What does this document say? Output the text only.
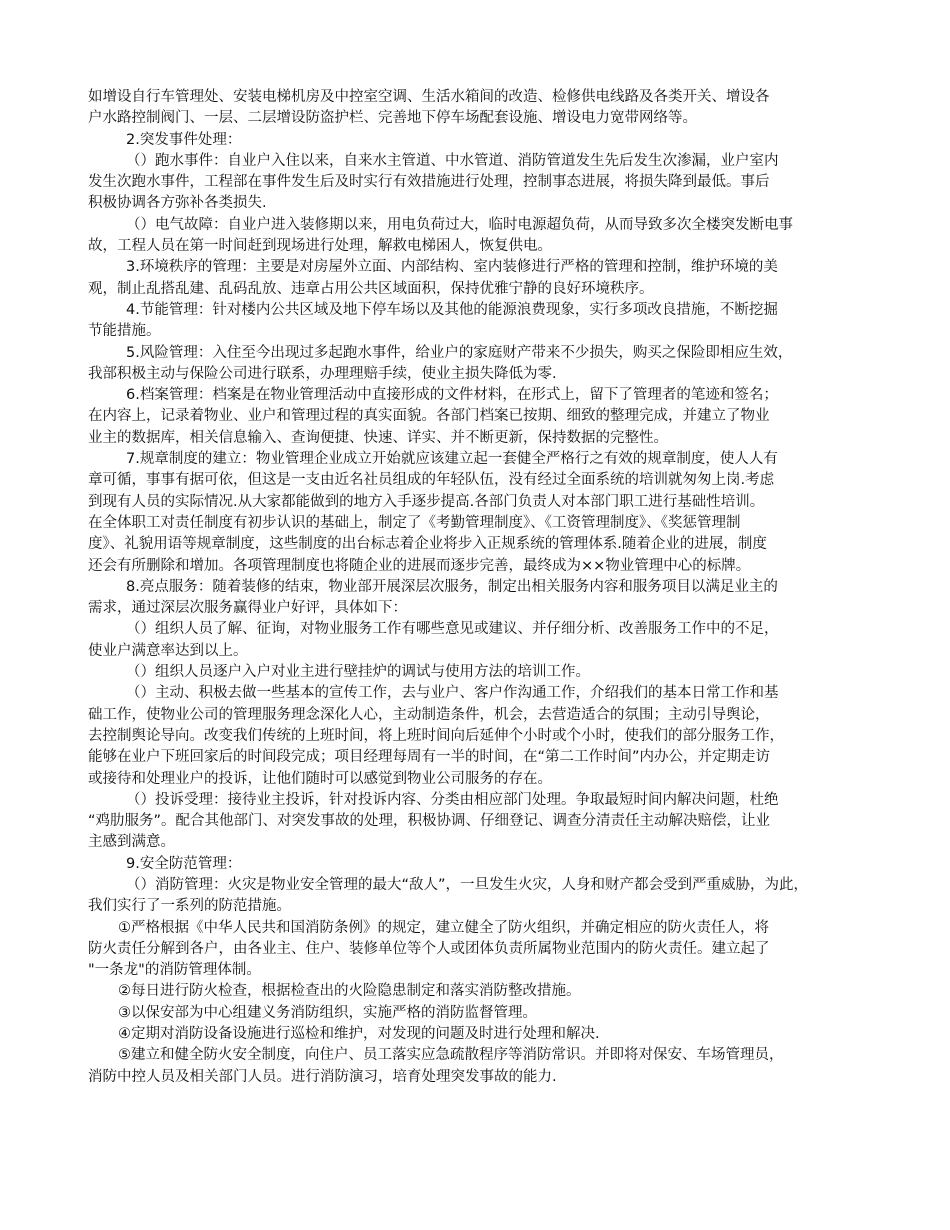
如增设自行车管理处、安装电梯机房及中控室空调、生活水箱间的改造、检修供电线路及各类开关、增设各
户水路控制阀门、一层、二层增设防盗护栏、完善地下停车场配套设施、增设电力宽带网络等。
2.突发事件处理：
（）跑水事件：自业户入住以来，自来水主管道、中水管道、消防管道发生先后发生次渗漏，业户室内
发生次跑水事件，工程部在事件发生后及时实行有效措施进行处理，控制事态进展，将损失降到最低。事后
积极协调各方弥补各类损失.
（）电气故障：自业户进入装修期以来，用电负荷过大，临时电源超负荷，从而导致多次全楼突发断电事
故，工程人员在第一时间赶到现场进行处理，解救电梯困人，恢复供电。
3.环境秩序的管理：主要是对房屋外立面、内部结构、室内装修进行严格的管理和控制，维护环境的美
观，制止乱搭乱建、乱码乱放、违章占用公共区域面积，保持优雅宁静的良好环境秩序。
4.节能管理：针对楼内公共区域及地下停车场以及其他的能源浪费现象，实行多项改良措施，不断挖掘
节能措施。
5.风险管理：入住至今出现过多起跑水事件，给业户的家庭财产带来不少损失，购买之保险即相应生效，
我部积极主动与保险公司进行联系，办理理赔手续，使业主损失降低为零.
6.档案管理：档案是在物业管理活动中直接形成的文件材料，在形式上，留下了管理者的笔迹和签名；
在内容上，记录着物业、业户和管理过程的真实面貌。各部门档案已按期、细致的整理完成，并建立了物业
业主的数据库，相关信息输入、查询便捷、快速、详实、并不断更新，保持数据的完整性。
7.规章制度的建立：物业管理企业成立开始就应该建立起一套健全严格行之有效的规章制度，使人人有
章可循，事事有据可依，但这是一支由近名社员组成的年轻队伍，没有经过全面系统的培训就匆匆上岗.考虑
到现有人员的实际情况.从大家都能做到的地方入手逐步提高.各部门负责人对本部门职工进行基础性培训。
在全体职工对责任制度有初步认识的基础上，制定了《考勤管理制度》、《工资管理制度》、《奖惩管理制
度》、礼貌用语等规章制度，这些制度的出台标志着企业将步入正规系统的管理体系.随着企业的进展，制度
还会有所删除和增加。各项管理制度也将随企业的进展而逐步完善，最终成为××物业管理中心的标牌。
8.亮点服务：随着装修的结束，物业部开展深层次服务，制定出相关服务内容和服务项目以满足业主的
需求，通过深层次服务赢得业户好评，具体如下：
（）组织人员了解、征询，对物业服务工作有哪些意见或建议、并仔细分析、改善服务工作中的不足，
使业户满意率达到以上。
（）组织人员逐户入户对业主进行壁挂炉的调试与使用方法的培训工作。
（）主动、积极去做一些基本的宣传工作，去与业户、客户作沟通工作，介绍我们的基本日常工作和基
础工作，使物业公司的管理服务理念深化人心，主动制造条件，机会，去营造适合的氛围；主动引导舆论，
去控制舆论导向。改变我们传统的上班时间，将上班时间向后延伸个小时或个小时，使我们的部分服务工作，
能够在业户下班回家后的时间段完成；项目经理每周有一半的时间，在“第二工作时间”内办公，并定期走访
或接待和处理业户的投诉，让他们随时可以感觉到物业公司服务的存在。
（）投诉受理：接待业主投诉，针对投诉内容、分类由相应部门处理。争取最短时间内解决问题，杜绝
“鸡肋服务”。配合其他部门、对突发事故的处理，积极协调、仔细登记、调查分清责任主动解决赔偿，让业
主感到满意。
9.安全防范管理：
（）消防管理：火灾是物业安全管理的最大“敌人”，一旦发生火灾，人身和财产都会受到严重威胁，为此，
我们实行了一系列的防范措施。
①严格根据《中华人民共和国消防条例》的规定，建立健全了防火组织，并确定相应的防火责任人，将
防火责任分解到各户，由各业主、住户、装修单位等个人或团体负责所属物业范围内的防火责任。建立起了
"一条龙"的消防管理体制。
②每日进行防火检查，根据检查出的火险隐患制定和落实消防整改措施。
③以保安部为中心组建义务消防组织，实施严格的消防监督管理。
④定期对消防设备设施进行巡检和维护，对发现的问题及时进行处理和解决.
⑤建立和健全防火安全制度，向住户、员工落实应急疏散程序等消防常识。并即将对保安、车场管理员，
消防中控人员及相关部门人员。进行消防演习，培育处理突发事故的能力.
